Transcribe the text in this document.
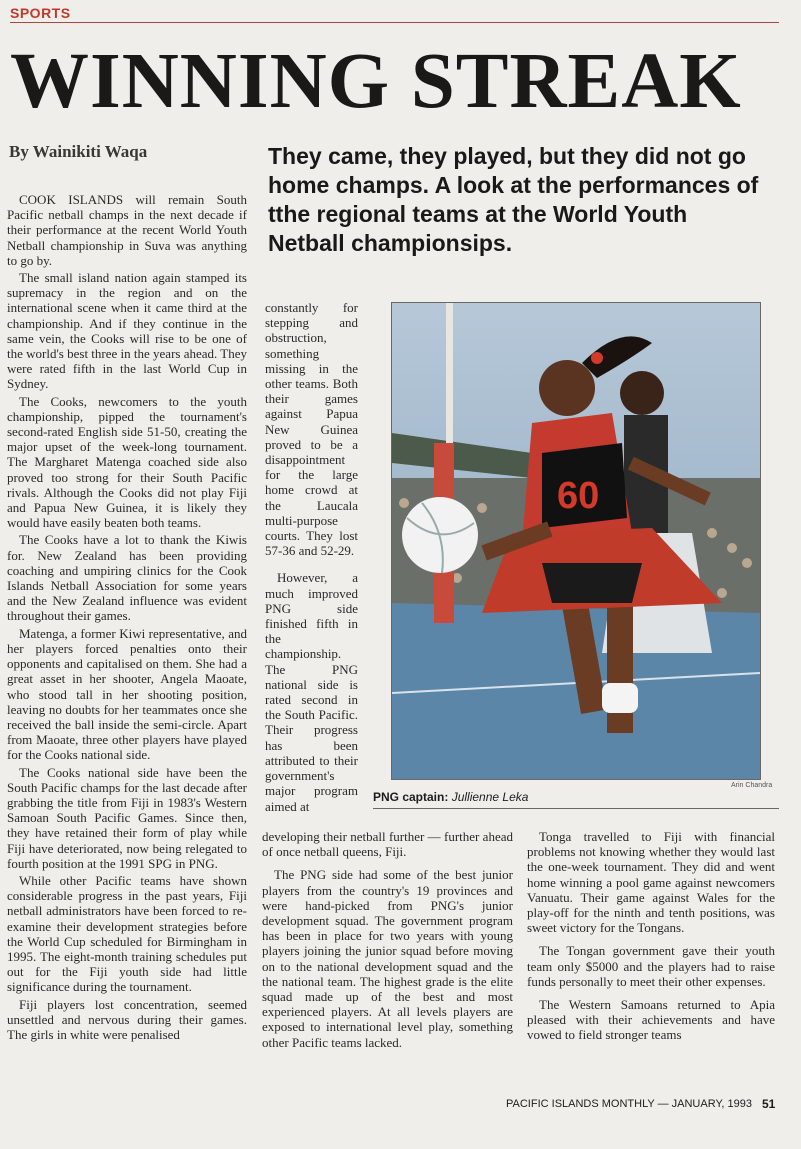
SPORTS
WINNING STREAK
By Wainikiti Waqa	They came, they played, but they did not go home champs. A look at the performances of tthe regional teams at the World Youth Netball championsips.

COOK ISLANDS will remain South Pacific netball champs in the next decade if their performance at the recent World Youth Netball championship in Suva was anything to go by.

The small island nation again stamped its supremacy in the region and on the international scene when it came third at the championship. And if they continue in the same vein, the Cooks will rise to be one of the world's best three in the years ahead. They were rated fifth in the last World Cup in Sydney.

The Cooks, newcomers to the youth championship, pipped the tournament's second-rated English side 51-50, creating the major upset of the week-long tournament. The Margharet Matenga coached side also proved too strong for their South Pacific rivals. Although the Cooks did not play Fiji and Papua New Guinea, it is likely they would have easily beaten both teams.

The Cooks have a lot to thank the Kiwis for. New Zealand has been providing coaching and umpiring clinics for the Cook Islands Netball Association for some years and the New Zealand influence was evident throughout their games.

Matenga, a former Kiwi representative, and her players forced penalties onto their opponents and capitalised on them. She had a great asset in her shooter, Angela Maoate, who stood tall in her shooting position, leaving no doubts for her teammates once she received the ball inside the semi-circle. Apart from Maoate, three other players have played for the Cooks national side.

The Cooks national side have been the South Pacific champs for the last decade after grabbing the title from Fiji in 1983's Western Samoan South Pacific Games. Since then, they have retained their form of play while Fiji have deteriorated, now being relegated to fourth position at the 1991 SPG in PNG.

While other Pacific teams have shown considerable progress in the past years, Fiji netball administrators have been forced to re-examine their development strategies before the World Cup scheduled for Birmingham in 1995. The eight-month training schedules put out for the Fiji youth side had little significance during the tournament.

Fiji players lost concentration, seemed unsettled and nervous during their games. The girls in white were penalised

constantly for stepping and obstruction, something missing in the other teams. Both their games against Papua New Guinea proved to be a disappointment for the large home crowd at the Laucala multi-purpose courts. They lost 57-36 and 52-29.

However, a much improved PNG side finished fifth in the championship. The PNG national side is rated second in the South Pacific. Their progress has been attributed to their government's major program aimed at

60
Arin Chandra
PNG captain: Jullienne Leka

developing their netball further — further ahead of once netball queens, Fiji.

The PNG side had some of the best junior players from the country's 19 provinces and were hand-picked from PNG's junior development squad. The government program has been in place for two years with young players joining the junior squad before moving on to the national development squad and the the national team. The highest grade is the elite squad made up of the best and most experienced players. At all levels players are exposed to international level play, something other Pacific teams lacked.

Tonga travelled to Fiji with financial problems not knowing whether they would last the one-week tournament. They did and went home winning a pool game against newcomers Vanuatu. Their game against Wales for the play-off for the ninth and tenth positions, was sweet victory for the Tongans.

The Tongan government gave their youth team only $5000 and the players had to raise funds personally to meet their other expenses.

The Western Samoans returned to Apia pleased with their achievements and have vowed to field stronger teams

PACIFIC ISLANDS MONTHLY — JANUARY, 1993 51
